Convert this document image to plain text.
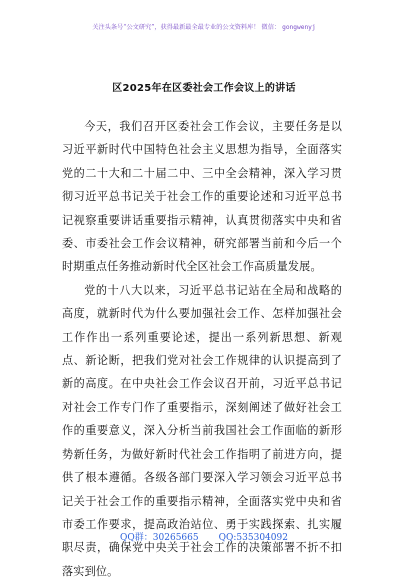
关注头条号“公文研究”，获得最新最全最专业的公文资料库！ 微信： gongwenyj
区2025年在区委社会工作会议上的讲话

今天，我们召开区委社会工作会议，主要任务是以习近平新时代中国特色社会主义思想为指导，全面落实党的二十大和二十届二中、三中全会精神，深入学习贯彻习近平总书记关于社会工作的重要论述和习近平总书记视察重要讲话重要指示精神，认真贯彻落实中央和省委、市委社会工作会议精神，研究部署当前和今后一个时期重点任务推动新时代全区社会工作高质量发展。

党的十八大以来，习近平总书记站在全局和战略的高度，就新时代为什么要加强社会工作、怎样加强社会工作作出一系列重要论述，提出一系列新思想、新观点、新论断，把我们党对社会工作规律的认识提高到了新的高度。在中央社会工作会议召开前，习近平总书记对社会工作专门作了重要指示，深刻阐述了做好社会工作的重要意义，深入分析当前我国社会工作面临的新形势新任务，为做好新时代社会工作指明了前进方向，提供了根本遵循。各级各部门要深入学习领会习近平总书记关于社会工作的重要指示精神，全面落实党中央和省市委工作要求，提高政治站位、勇于实践探索、扎实履职尽责，确保党中央关于社会工作的决策部署不折不扣落实到位。

QQ群：30265665 QQ:535304092
